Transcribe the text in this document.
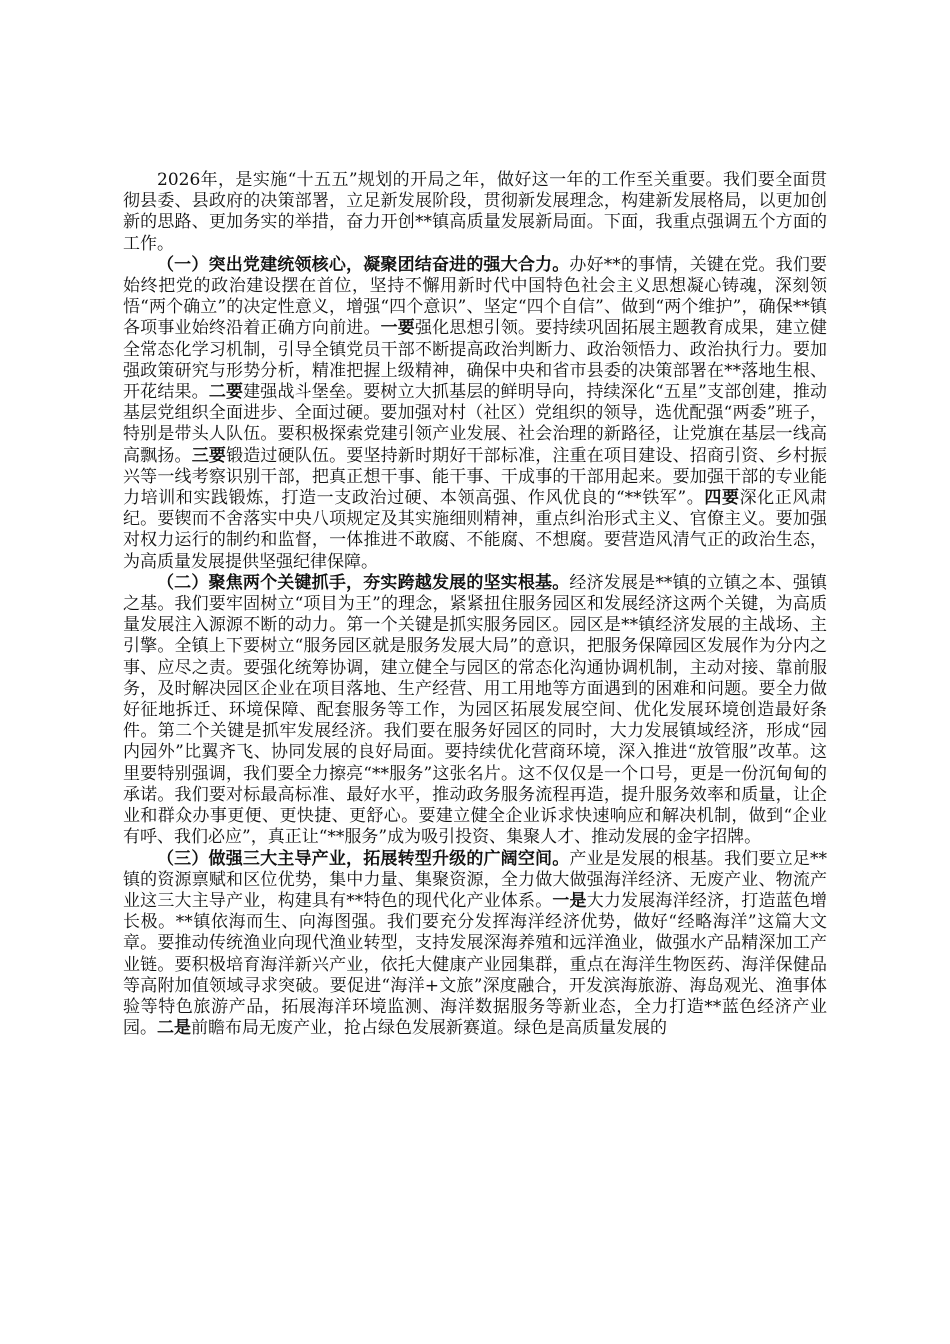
2026年，是实施“十五五”规划的开局之年，做好这一年的工作至关重要。我们要全面贯彻县委、县政府的决策部署，立足新发展阶段，贯彻新发展理念，构建新发展格局，以更加创新的思路、更加务实的举措，奋力开创**镇高质量发展新局面。下面，我重点强调五个方面的工作。

（一）突出党建统领核心，凝聚团结奋进的强大合力。办好**的事情，关键在党。我们要始终把党的政治建设摆在首位，坚持不懈用新时代中国特色社会主义思想凝心铸魂，深刻领悟“两个确立”的决定性意义，增强“四个意识”、坚定“四个自信”、做到“两个维护”，确保**镇各项事业始终沿着正确方向前进。一要强化思想引领。要持续巩固拓展主题教育成果，建立健全常态化学习机制，引导全镇党员干部不断提高政治判断力、政治领悟力、政治执行力。要加强政策研究与形势分析，精准把握上级精神，确保中央和省市县委的决策部署在**落地生根、开花结果。二要建强战斗堡垒。要树立大抓基层的鲜明导向，持续深化“五星”支部创建，推动基层党组织全面进步、全面过硬。要加强对村（社区）党组织的领导，选优配强“两委”班子，特别是带头人队伍。要积极探索党建引领产业发展、社会治理的新路径，让党旗在基层一线高高飘扬。三要锻造过硬队伍。要坚持新时期好干部标准，注重在项目建设、招商引资、乡村振兴等一线考察识别干部，把真正想干事、能干事、干成事的干部用起来。要加强干部的专业能力培训和实践锻炼，打造一支政治过硬、本领高强、作风优良的“**铁军”。四要深化正风肃纪。要锲而不舍落实中央八项规定及其实施细则精神，重点纠治形式主义、官僚主义。要加强对权力运行的制约和监督，一体推进不敢腐、不能腐、不想腐。要营造风清气正的政治生态，为高质量发展提供坚强纪律保障。

（二）聚焦两个关键抓手，夯实跨越发展的坚实根基。经济发展是**镇的立镇之本、强镇之基。我们要牢固树立“项目为王”的理念，紧紧扭住服务园区和发展经济这两个关键，为高质量发展注入源源不断的动力。第一个关键是抓实服务园区。园区是**镇经济发展的主战场、主引擎。全镇上下要树立“服务园区就是服务发展大局”的意识，把服务保障园区发展作为分内之事、应尽之责。要强化统筹协调，建立健全与园区的常态化沟通协调机制，主动对接、靠前服务，及时解决园区企业在项目落地、生产经营、用工用地等方面遇到的困难和问题。要全力做好征地拆迁、环境保障、配套服务等工作，为园区拓展发展空间、优化发展环境创造最好条件。第二个关键是抓牢发展经济。我们要在服务好园区的同时，大力发展镇域经济，形成“园内园外”比翼齐飞、协同发展的良好局面。要持续优化营商环境，深入推进“放管服”改革。这里要特别强调，我们要全力擦亮“**服务”这张名片。这不仅仅是一个口号，更是一份沉甸甸的承诺。我们要对标最高标准、最好水平，推动政务服务流程再造，提升服务效率和质量，让企业和群众办事更便、更快捷、更舒心。要建立健全企业诉求快速响应和解决机制，做到“企业有呼、我们必应”，真正让“**服务”成为吸引投资、集聚人才、推动发展的金字招牌。

（三）做强三大主导产业，拓展转型升级的广阔空间。产业是发展的根基。我们要立足**镇的资源禀赋和区位优势，集中力量、集聚资源，全力做大做强海洋经济、无废产业、物流产业这三大主导产业，构建具有**特色的现代化产业体系。一是大力发展海洋经济，打造蓝色增长极。**镇依海而生、向海图强。我们要充分发挥海洋经济优势，做好“经略海洋”这篇大文章。要推动传统渔业向现代渔业转型，支持发展深海养殖和远洋渔业，做强水产品精深加工产业链。要积极培育海洋新兴产业，依托大健康产业园集群，重点在海洋生物医药、海洋保健品等高附加值领域寻求突破。要促进“海洋+文旅”深度融合，开发滨海旅游、海岛观光、渔事体验等特色旅游产品，拓展海洋环境监测、海洋数据服务等新业态，全力打造**蓝色经济产业园。二是前瞻布局无废产业，抢占绿色发展新赛道。绿色是高质量发展的
